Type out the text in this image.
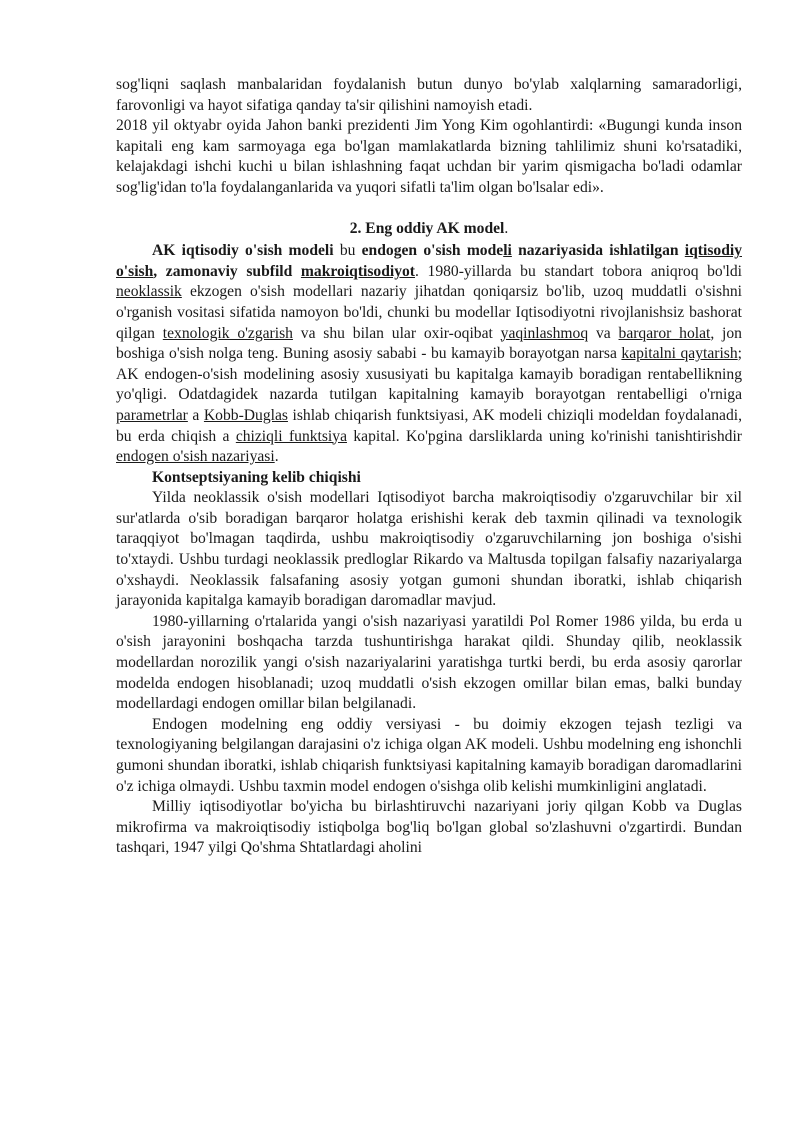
sog'liqni saqlash manbalaridan foydalanish butun dunyo bo'ylab xalqlarning samaradorligi, farovonligi va hayot sifatiga qanday ta'sir qilishini namoyish etadi.

2018 yil oktyabr oyida Jahon banki prezidenti Jim Yong Kim ogohlantirdi: «Bugungi kunda inson kapitali eng kam sarmoyaga ega bo'lgan mamlakatlarda bizning tahlilimiz shuni ko'rsatadiki, kelajakdagi ishchi kuchi u bilan ishlashning faqat uchdan bir yarim qismigacha bo'ladi odamlar sog'lig'idan to'la foydalanganlarida va yuqori sifatli ta'lim olgan bo'lsalar edi».

2. Eng oddiy AK model.

AK iqtisodiy o'sish modeli bu endogen o'sish modeli nazariyasida ishlatilgan iqtisodiy o'sish, zamonaviy subfild makroiqtisodiyot. 1980-yillarda bu standart tobora aniqroq bo'ldi neoklassik ekzogen o'sish modellari nazariy jihatdan qoniqarsiz bo'lib, uzoq muddatli o'sishni o'rganish vositasi sifatida namoyon bo'ldi, chunki bu modellar Iqtisodiyotni rivojlanishsiz bashorat qilgan texnologik o'zgarish va shu bilan ular oxir-oqibat yaqinlashmoq va barqaror holat, jon boshiga o'sish nolga teng. Buning asosiy sababi - bu kamayib borayotgan narsa kapitalni qaytarish; AK endogen-o'sish modelining asosiy xususiyati bu kapitalga kamayib boradigan rentabellikning yo'qligi. Odatdagidek nazarda tutilgan kapitalning kamayib borayotgan rentabelligi o'rniga parametrlar a Kobb-Duglas ishlab chiqarish funktsiyasi, AK modeli chiziqli modeldan foydalanadi, bu erda chiqish a chiziqli funktsiya kapital. Ko'pgina darsliklarda uning ko'rinishi tanishtirishdir endogen o'sish nazariyasi.

Kontseptsiyaning kelib chiqishi

Yilda neoklassik o'sish modellari Iqtisodiyot barcha makroiqtisodiy o'zgaruvchilar bir xil sur'atlarda o'sib boradigan barqaror holatga erishishi kerak deb taxmin qilinadi va texnologik taraqqiyot bo'lmagan taqdirda, ushbu makroiqtisodiy o'zgaruvchilarning jon boshiga o'sishi to'xtaydi. Ushbu turdagi neoklassik predloglar Rikardo va Maltusda topilgan falsafiy nazariyalarga o'xshaydi. Neoklassik falsafaning asosiy yotgan gumoni shundan iboratki, ishlab chiqarish jarayonida kapitalga kamayib boradigan daromadlar mavjud.

1980-yillarning o'rtalarida yangi o'sish nazariyasi yaratildi Pol Romer 1986 yilda, bu erda u o'sish jarayonini boshqacha tarzda tushuntirishga harakat qildi. Shunday qilib, neoklassik modellardan norozilik yangi o'sish nazariyalarini yaratishga turtki berdi, bu erda asosiy qarorlar modelda endogen hisoblanadi; uzoq muddatli o'sish ekzogen omillar bilan emas, balki bunday modellardagi endogen omillar bilan belgilanadi.

Endogen modelning eng oddiy versiyasi - bu doimiy ekzogen tejash tezligi va texnologiyaning belgilangan darajasini o'z ichiga olgan AK modeli. Ushbu modelning eng ishonchli gumoni shundan iboratki, ishlab chiqarish funktsiyasi kapitalning kamayib boradigan daromadlarini o'z ichiga olmaydi. Ushbu taxmin model endogen o'sishga olib kelishi mumkinligini anglatadi.

Milliy iqtisodiyotlar bo'yicha bu birlashtiruvchi nazariyani joriy qilgan Kobb va Duglas mikrofirma va makroiqtisodiy istiqbolga bog'liq bo'lgan global so'zlashuvni o'zgartirdi. Bundan tashqari, 1947 yilgi Qo'shma Shtatlardagi aholini
